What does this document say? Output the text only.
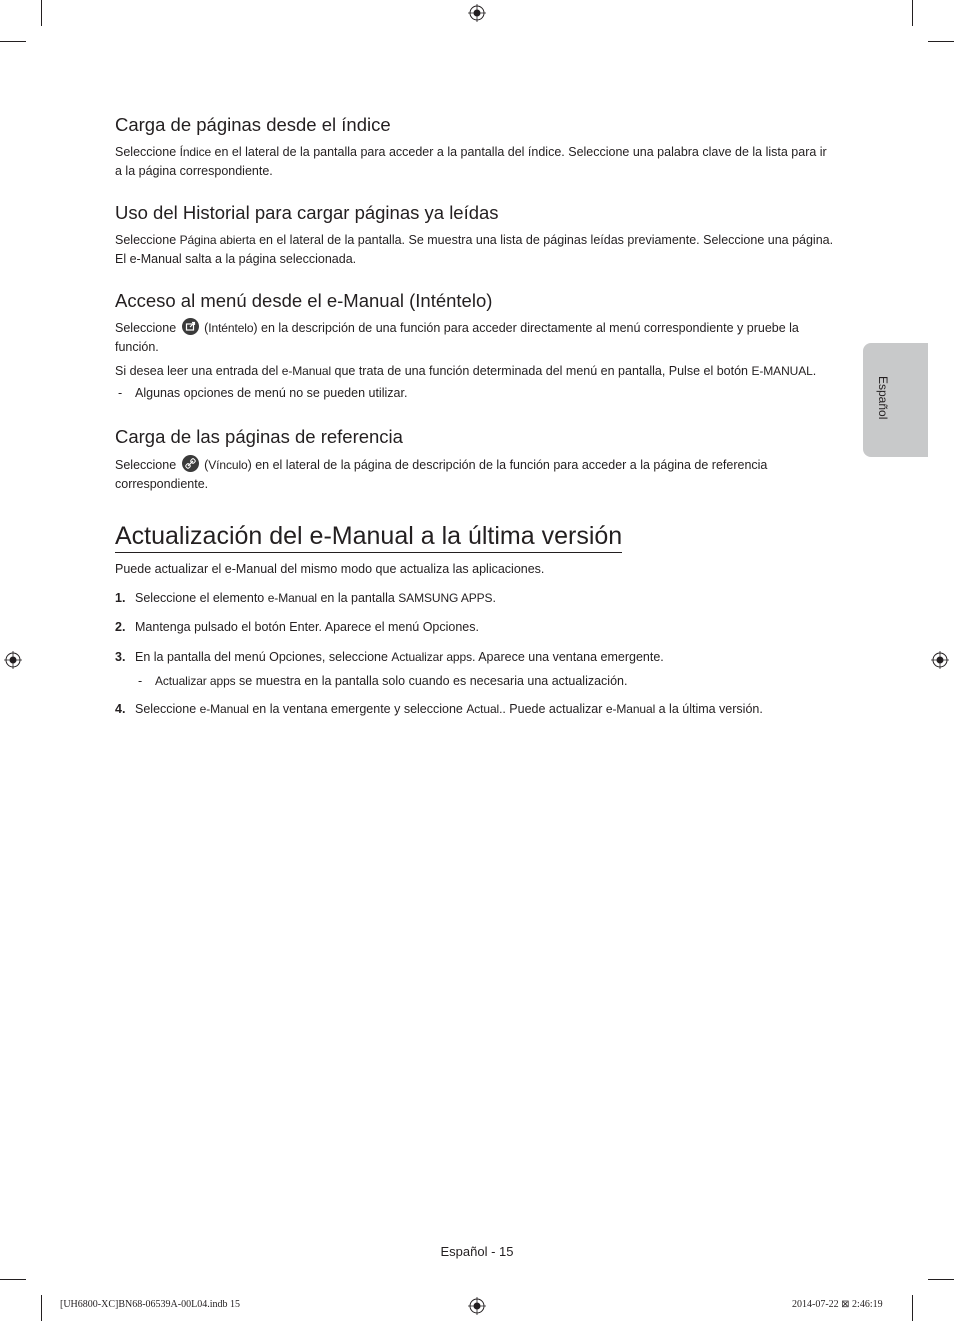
Español
Carga de páginas desde el índice

Seleccione Índice en el lateral de la pantalla para acceder a la pantalla del índice. Seleccione una palabra clave de la lista para ir a la página correspondiente.

Uso del Historial para cargar páginas ya leídas

Seleccione Página abierta en el lateral de la pantalla. Se muestra una lista de páginas leídas previamente. Seleccione una página. El e-Manual salta a la página seleccionada.

Acceso al menú desde el e-Manual (Inténtelo)

Seleccione
(Inténtelo) en la descripción de una función para acceder directamente al menú correspondiente y pruebe la función.

Si desea leer una entrada del e-Manual que trata de una función determinada del menú en pantalla, Pulse el botón E-MANUAL.

- Algunas opciones de menú no se pueden utilizar.
Carga de las páginas de referencia

Seleccione
(Vínculo) en el lateral de la página de descripción de la función para acceder a la página de referencia correspondiente.

Actualización del e-Manual a la última versión
Puede actualizar el e-Manual del mismo modo que actualiza las aplicaciones.
1. Seleccione el elemento e-Manual en la pantalla SAMSUNG APPS.
2. Mantenga pulsado el botón Enter. Aparece el menú Opciones.
3. En la pantalla del menú Opciones, seleccione Actualizar apps. Aparece una ventana emergente.
- Actualizar apps se muestra en la pantalla solo cuando es necesaria una actualización.
4. Seleccione e-Manual en la ventana emergente y seleccione Actual.. Puede actualizar e-Manual a la última versión.
Español - 15
[UH6800-XC]BN68-06539A-00L04.indb 15	2014-07-22 ⊠ 2:46:19
